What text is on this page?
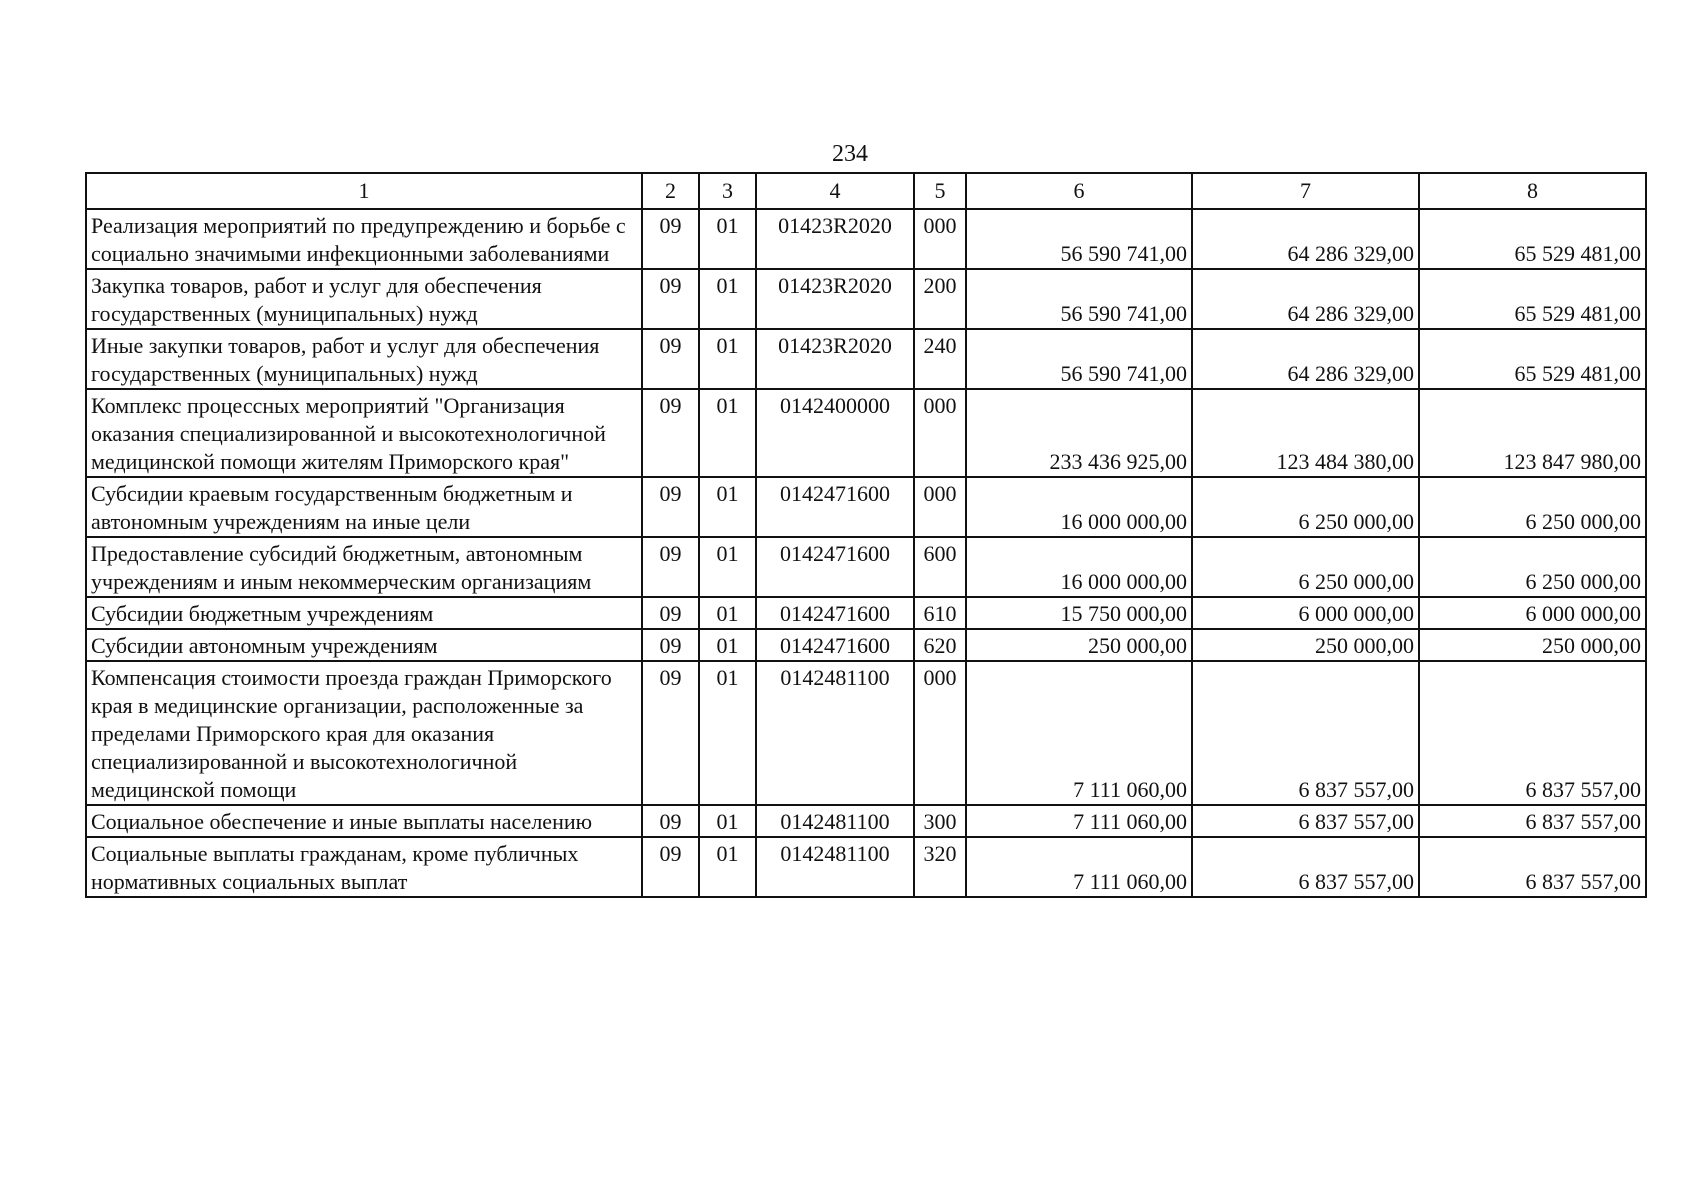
234
1	2	3	4	5	6	7	8
Реализация мероприятий по предупреждению и борьбе с социально значимыми инфекционными заболеваниями	09	01	01423R2020	000	56 590 741,00	64 286 329,00	65 529 481,00
Закупка товаров, работ и услуг для обеспечения государственных (муниципальных) нужд	09	01	01423R2020	200	56 590 741,00	64 286 329,00	65 529 481,00
Иные закупки товаров, работ и услуг для обеспечения государственных (муниципальных) нужд	09	01	01423R2020	240	56 590 741,00	64 286 329,00	65 529 481,00
Комплекс процессных мероприятий "Организация оказания специализированной и высокотехнологичной медицинской помощи жителям Приморского края"	09	01	0142400000	000	233 436 925,00	123 484 380,00	123 847 980,00
Субсидии краевым государственным бюджетным и автономным учреждениям на иные цели	09	01	0142471600	000	16 000 000,00	6 250 000,00	6 250 000,00
Предоставление субсидий бюджетным, автономным учреждениям и иным некоммерческим организациям	09	01	0142471600	600	16 000 000,00	6 250 000,00	6 250 000,00
Субсидии бюджетным учреждениям	09	01	0142471600	610	15 750 000,00	6 000 000,00	6 000 000,00
Субсидии автономным учреждениям	09	01	0142471600	620	250 000,00	250 000,00	250 000,00
Компенсация стоимости проезда граждан Приморского края в медицинские организации, расположенные за пределами Приморского края для оказания специализированной и высокотехнологичной медицинской помощи	09	01	0142481100	000	7 111 060,00	6 837 557,00	6 837 557,00
Социальное обеспечение и иные выплаты населению	09	01	0142481100	300	7 111 060,00	6 837 557,00	6 837 557,00
Социальные выплаты гражданам, кроме публичных нормативных социальных выплат	09	01	0142481100	320	7 111 060,00	6 837 557,00	6 837 557,00
